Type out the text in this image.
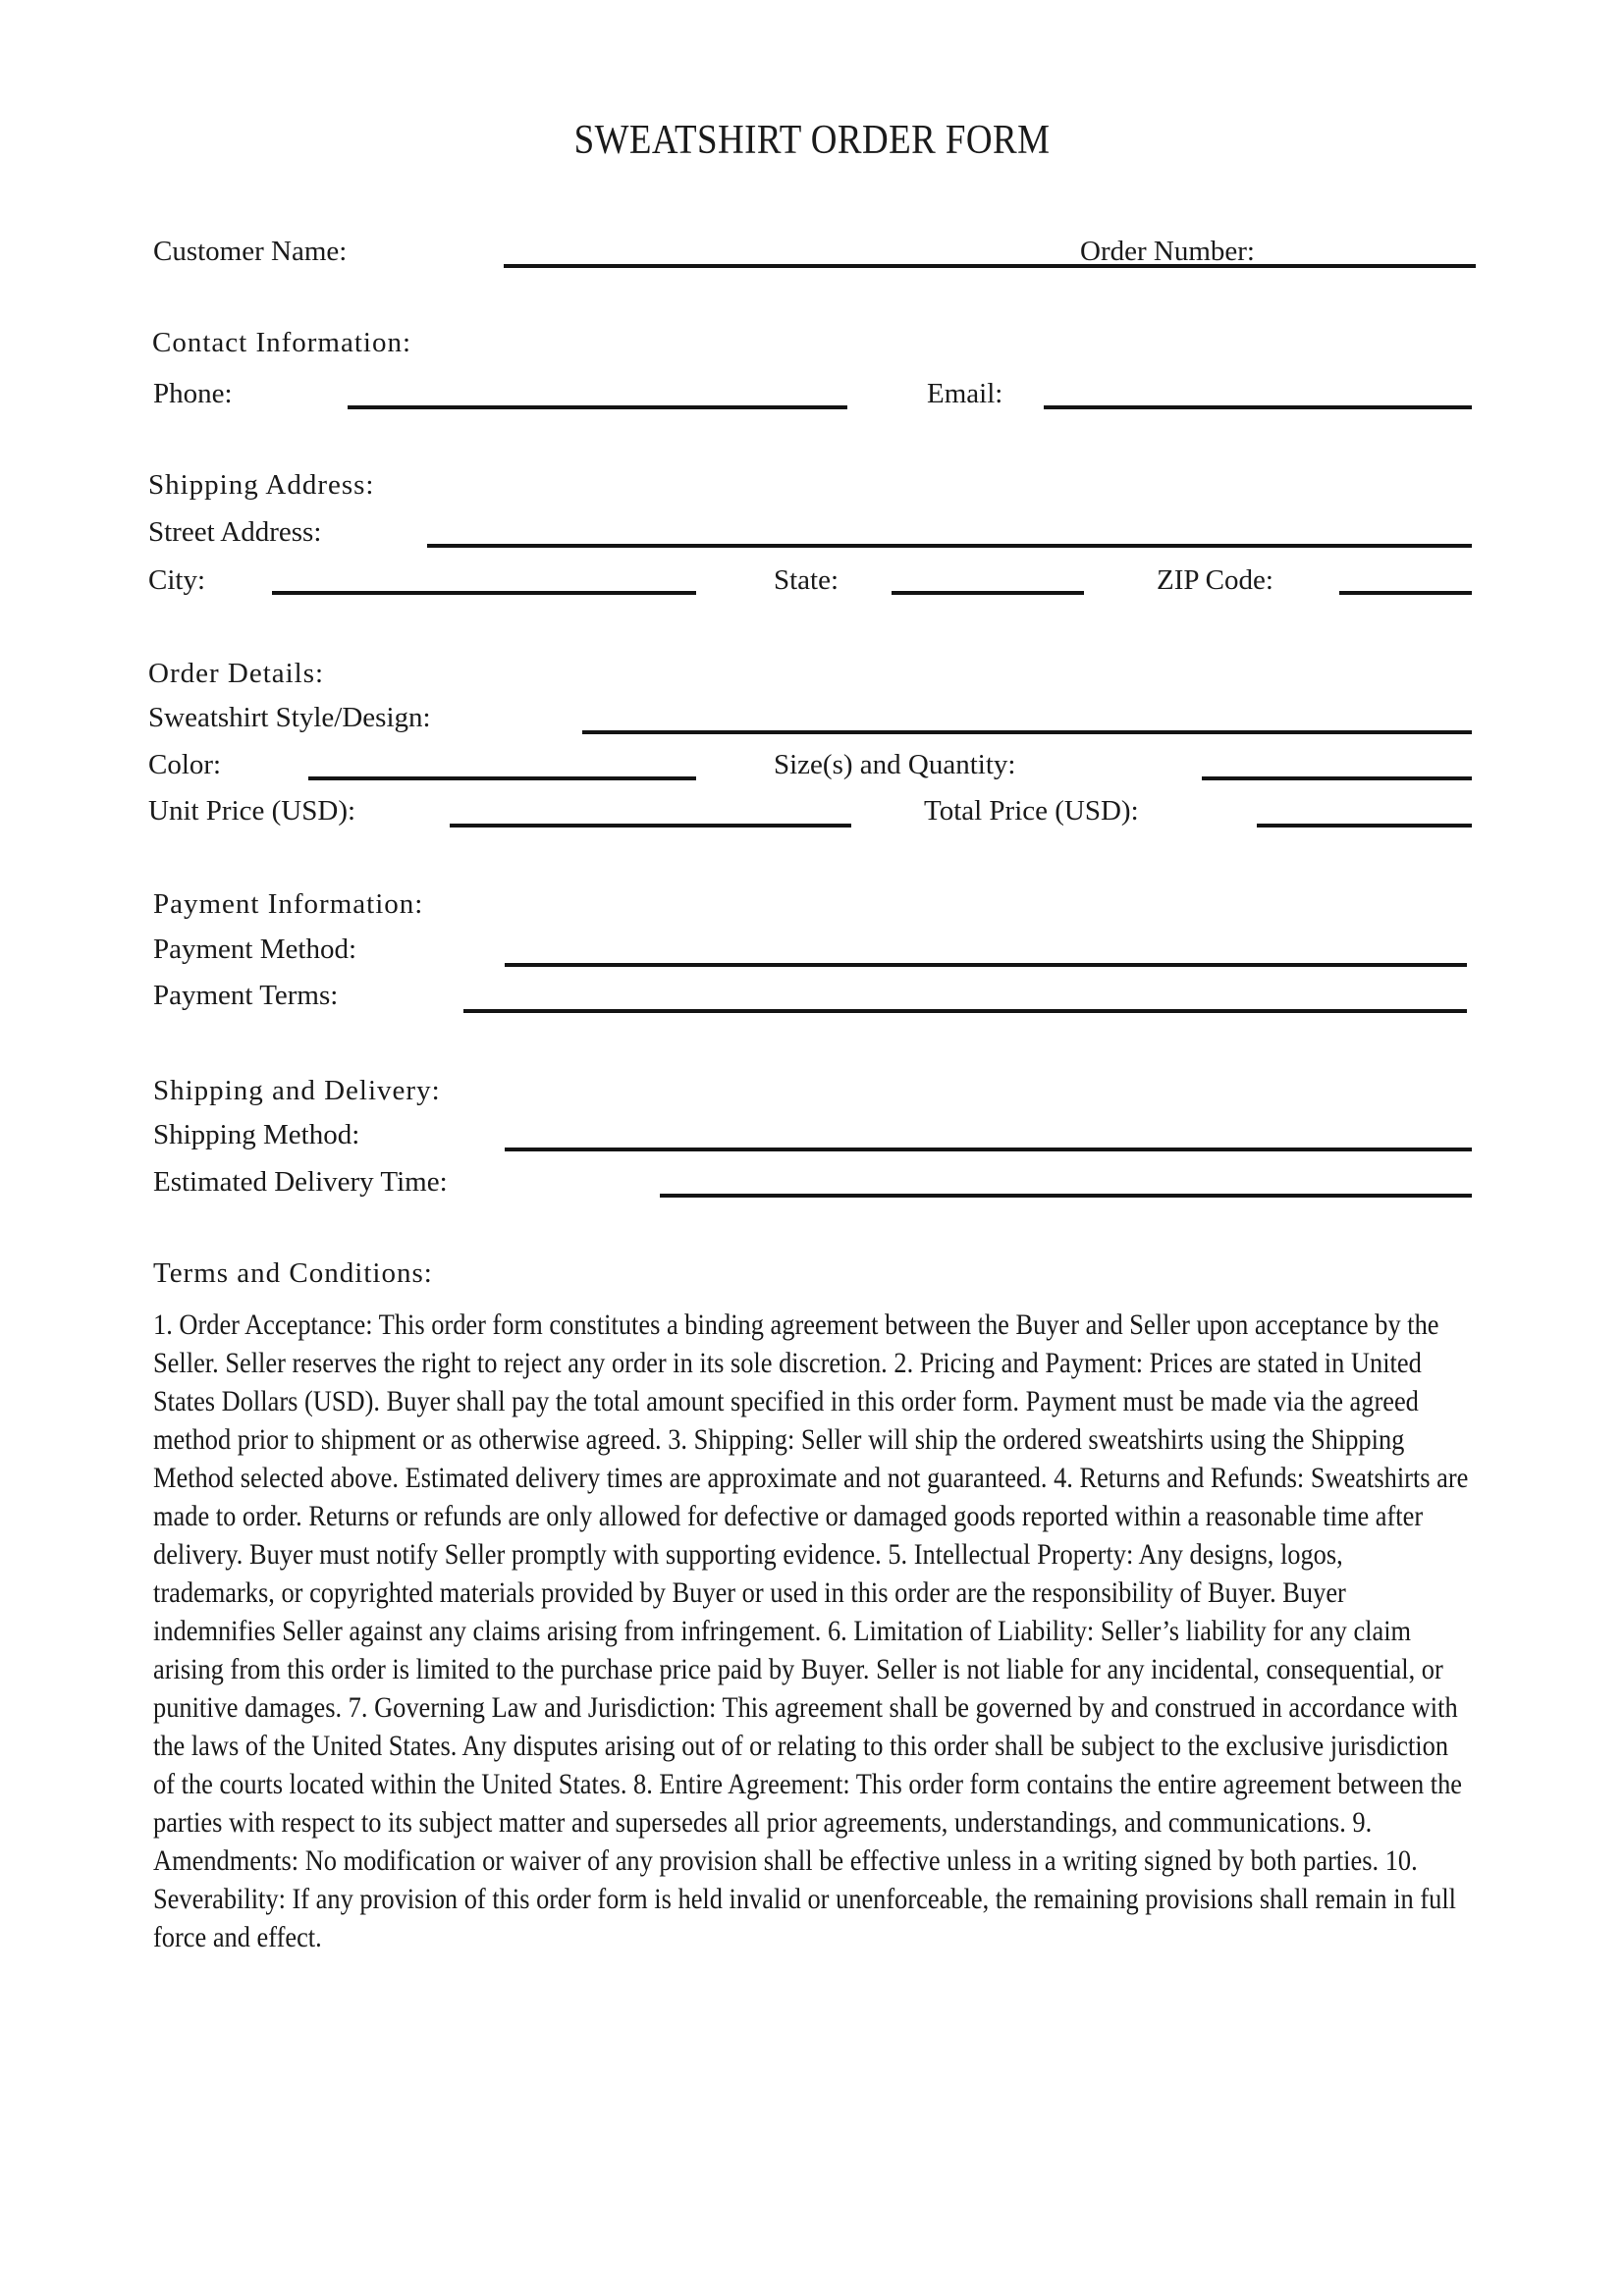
SWEATSHIRT ORDER FORM
Customer Name:	Order Number:
Contact Information:
Phone:	Email:
Shipping Address:
Street Address:
City:	State:	ZIP Code:
Order Details:
Sweatshirt Style/Design:
Color:	Size(s) and Quantity:
Unit Price (USD):	Total Price (USD):
Payment Information:
Payment Method:
Payment Terms:
Shipping and Delivery:
Shipping Method:
Estimated Delivery Time:
Terms and Conditions:
1. Order Acceptance: This order form constitutes a binding agreement between the Buyer and Seller upon acceptance by the Seller. Seller reserves the right to reject any order in its sole discretion. 2. Pricing and Payment: Prices are stated in United States Dollars (USD). Buyer shall pay the total amount specified in this order form. Payment must be made via the agreed method prior to shipment or as otherwise agreed. 3. Shipping: Seller will ship the ordered sweatshirts using the Shipping Method selected above. Estimated delivery times are approximate and not guaranteed. 4. Returns and Refunds: Sweatshirts are made to order. Returns or refunds are only allowed for defective or damaged goods reported within a reasonable time after delivery. Buyer must notify Seller promptly with supporting evidence. 5. Intellectual Property: Any designs, logos, trademarks, or copyrighted materials provided by Buyer or used in this order are the responsibility of Buyer. Buyer indemnifies Seller against any claims arising from infringement. 6. Limitation of Liability: Seller’s liability for any claim arising from this order is limited to the purchase price paid by Buyer. Seller is not liable for any incidental, consequential, or punitive damages. 7. Governing Law and Jurisdiction: This agreement shall be governed by and construed in accordance with the laws of the United States. Any disputes arising out of or relating to this order shall be subject to the exclusive jurisdiction of the courts located within the United States. 8. Entire Agreement: This order form contains the entire agreement between the parties with respect to its subject matter and supersedes all prior agreements, understandings, and communications. 9. Amendments: No modification or waiver of any provision shall be effective unless in a writing signed by both parties. 10. Severability: If any provision of this order form is held invalid or unenforceable, the remaining provisions shall remain in full force and effect.
